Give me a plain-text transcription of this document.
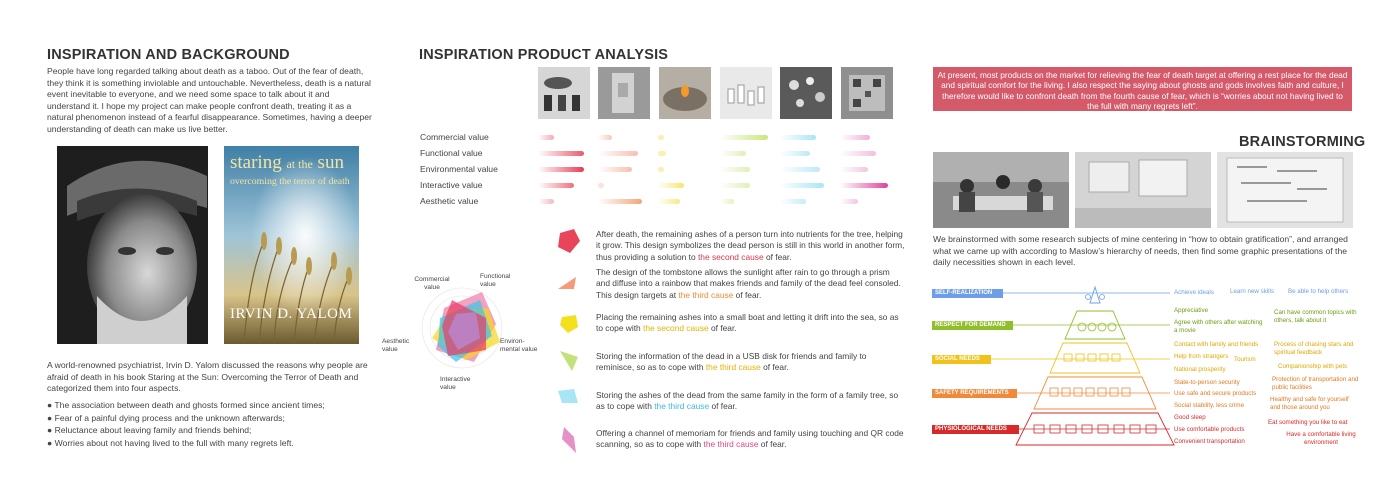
INSPIRATION AND BACKGROUND
People have long regarded talking about death as a taboo. Out of the fear of death, they think it is something inviolable and untouchable. Nevertheless, death is a natural event inevitable to everyone, and we need some space to talk about it and understand it. I hope my project can make people confront death, treating it as a natural phenomenon instead of a fearful disappearance. Sometimes, having a deeper understanding of death can make us live better.
staring at the sun
overcoming the terror of death
IRVIN D. YALOM
A world-renowned psychiatrist, Irvin D. Yalom discussed the reasons why people are afraid of death in his book Staring at the Sun: Overcoming the Terror of Death and categorized them into four aspects.
● The association between death and ghosts formed since ancient times;
● Fear of a painful dying process and the unknown afterwards;
● Reluctance about leaving family and friends behind;
● Worries about not having lived to the full with many regrets left.
INSPIRATION PRODUCT ANALYSIS
Commercial value
Functional value
Environmental value
Interactive value
Aesthetic value
Commercial value
Functional value
Environ-mental value
Interactive value
Aesthetic value
After death, the remaining ashes of a person turn into nutrients for the tree, helping it grow. This design symbolizes the dead person is still in this world in another form, thus providing a solution to the second cause of fear.
The design of the tombstone allows the sunlight after rain to go through a prism and diffuse into a rainbow that makes friends and family of the dead feel consoled. This design targets at the third cause of fear.
Placing the remaining ashes into a small boat and letting it drift into the sea, so as to cope with the second cause of fear.
Storing the information of the dead in a USB disk for friends and family to reminisce, so as to cope with the third cause of fear.
Storing the ashes of the dead from the same family in the form of a family tree, so as to cope with the third cause of fear.
Offering a channel of memoriam for friends and family using touching and QR code scanning, so as to cope with the third cause of fear.
At present, most products on the market for relieving the fear of death target at offering a rest place for the dead and spiritual comfort for the living. I also respect the saying about ghosts and gods involves faith and culture, I therefore would like to confront death from the fourth cause of fear, which is “worries about not having lived to the full with many regrets left”.
BRAINSTORMING
We brainstormed with some research subjects of mine centering in “how to obtain gratification”, and arranged what we came up with according to Maslow’s hierarchy of needs, then find some graphic presentations of the daily necessities shown in each level.
SELF-REALIZATION
RESPECT FOR DEMAND
SOCIAL NEEDS
SAFETY REQUIREMENTS
PHYSIOLOGICAL NEEDS
Achieve ideals	Learn new skills Be able to help others
Appreciative
Agree with others after watching a movie
Can have common topics with others, talk about it
Contact with family and friends
Help from strangers Tourism
National prosperity
Process of chasing stars and spiritual feedback
Companionship with pets
State-to-person security
Use safe and secure products
Social stability, less crime
Protection of transportation and public facilities
Healthy and safe for yourself and those around you
Good sleep
Use comfortable products
Convenient transportation
Eat something you like to eat
Have a comfortable living environment
